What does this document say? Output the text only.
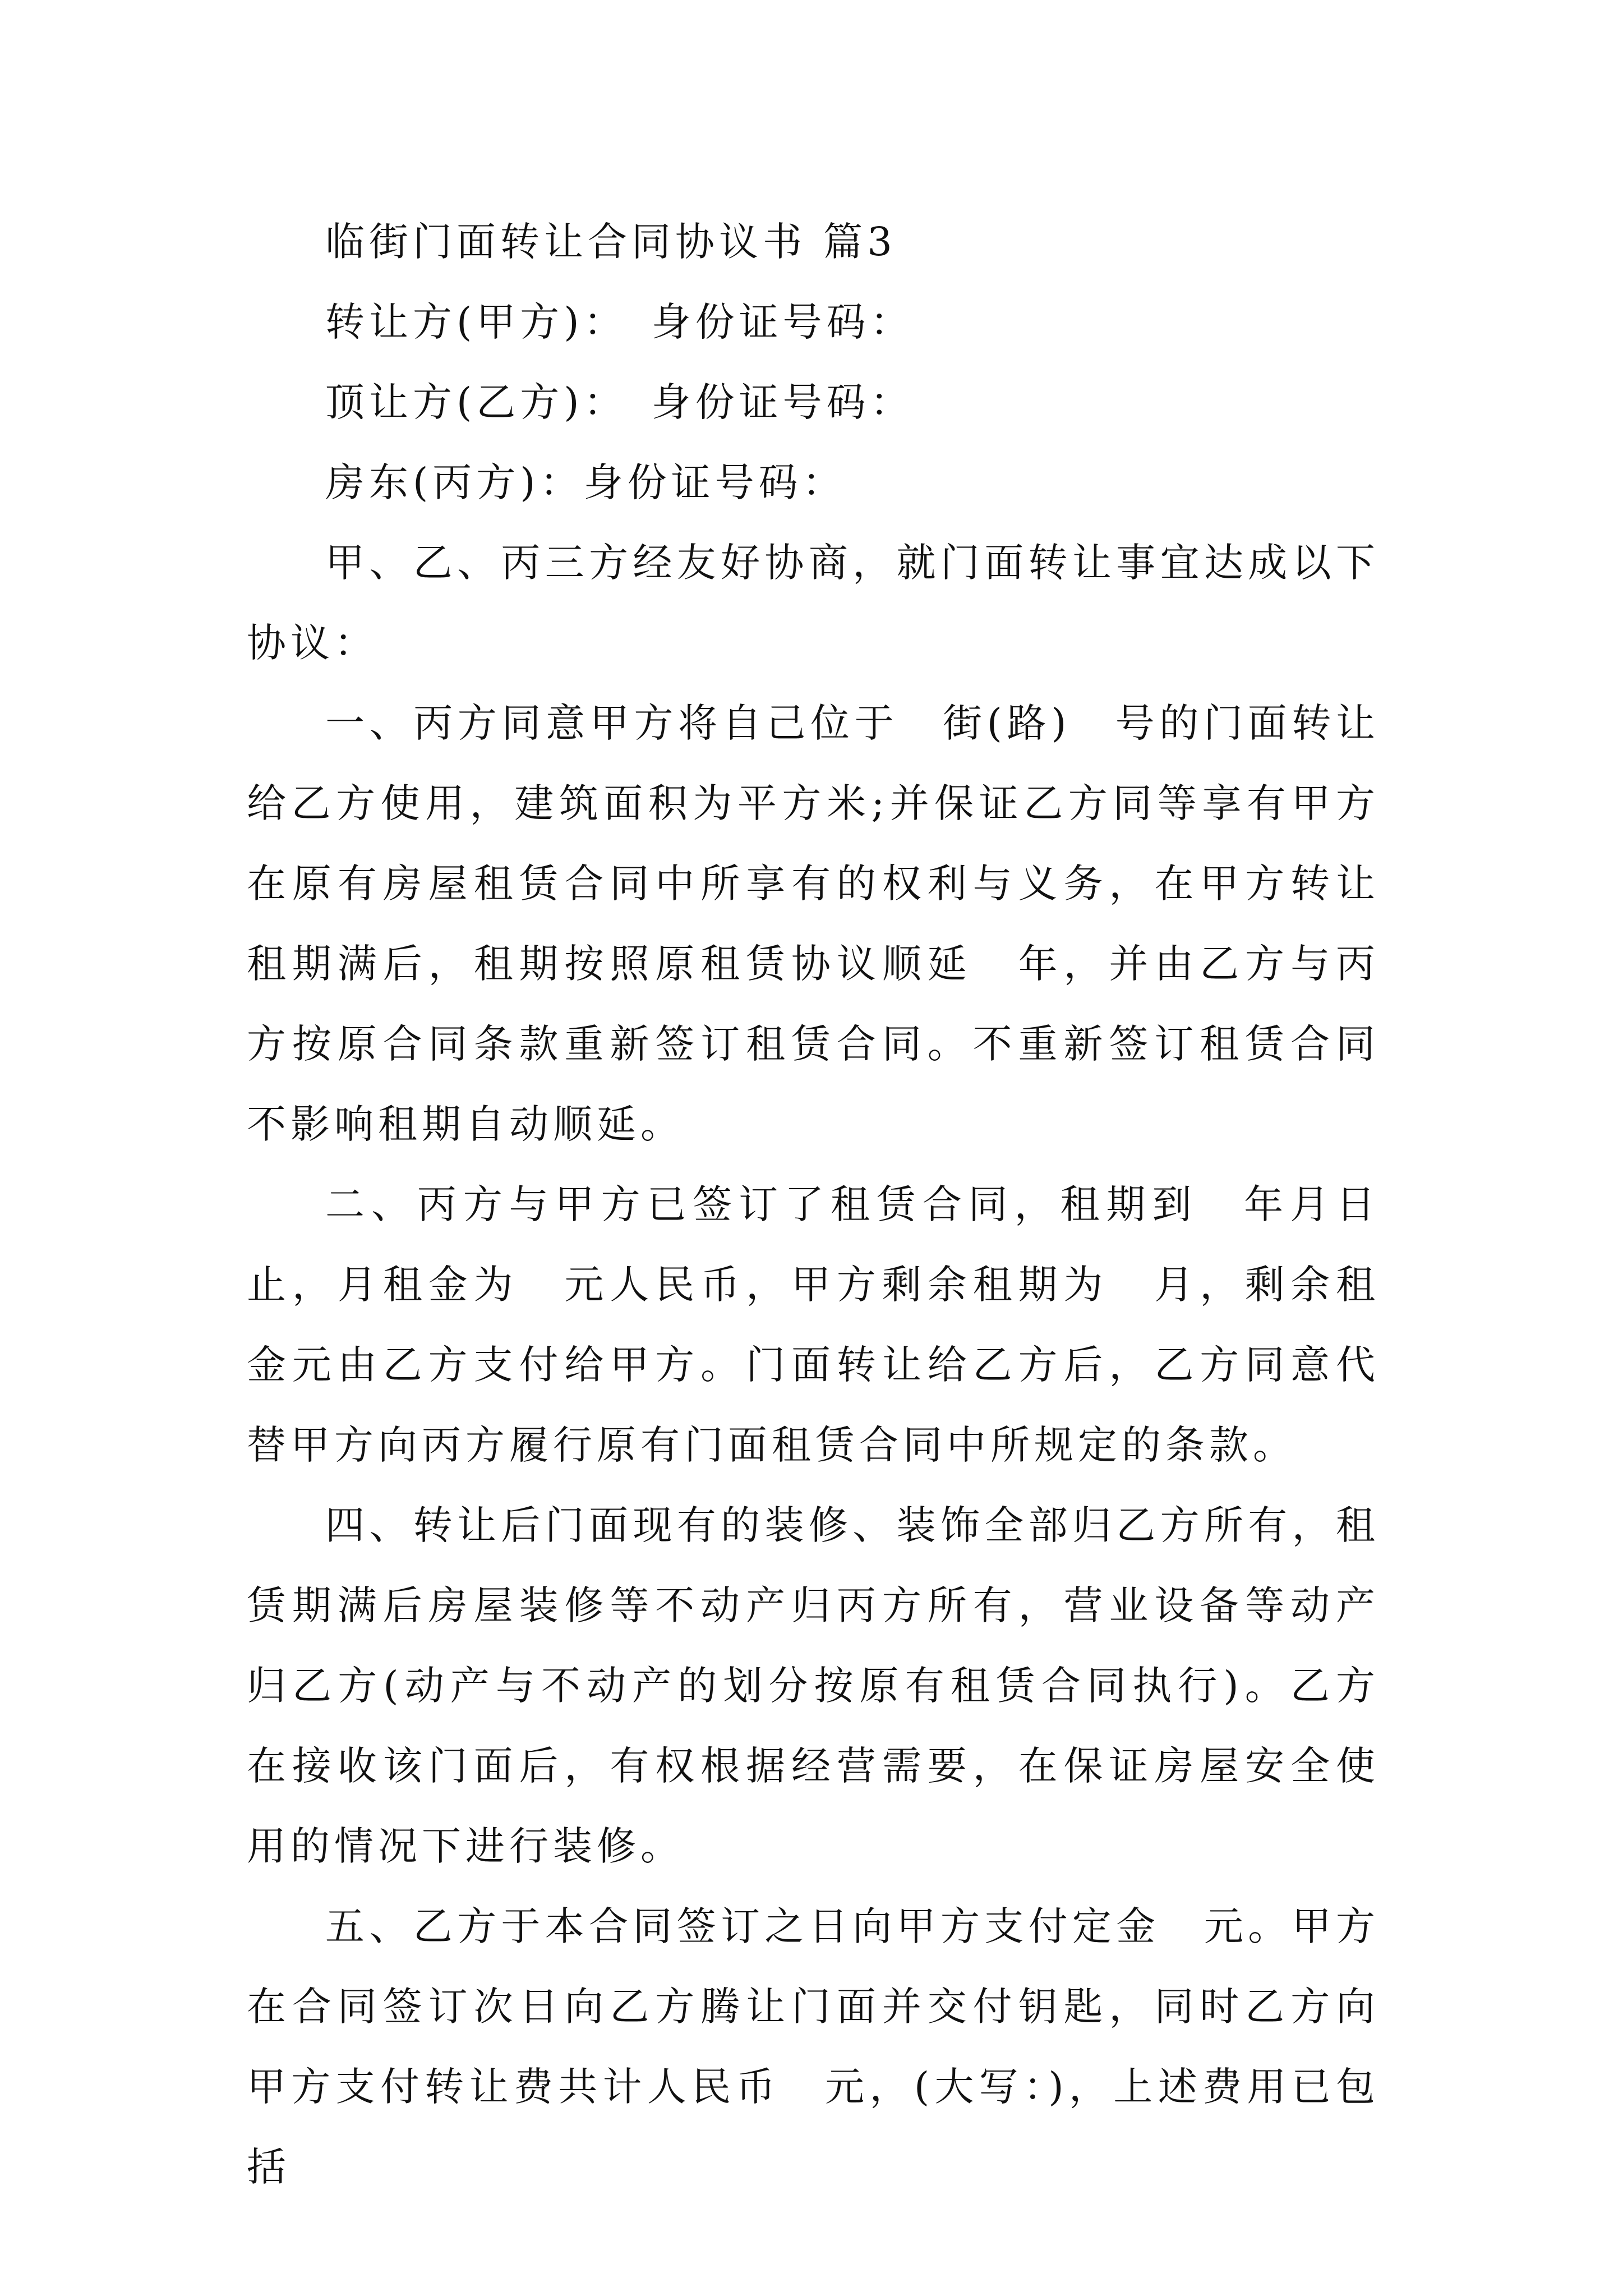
临街门面转让合同协议书 篇3

转让方(甲方)：　身份证号码：

顶让方(乙方)：　身份证号码：

房东(丙方)：身份证号码：

甲、乙、丙三方经友好协商，就门面转让事宜达成以下协议：

一、丙方同意甲方将自己位于　街(路)　号的门面转让给乙方使用，建筑面积为平方米;并保证乙方同等享有甲方在原有房屋租赁合同中所享有的权利与义务，在甲方转让租期满后，租期按照原租赁协议顺延　年，并由乙方与丙方按原合同条款重新签订租赁合同。不重新签订租赁合同不影响租期自动顺延。

二、丙方与甲方已签订了租赁合同，租期到　年月日止，月租金为　元人民币，甲方剩余租期为　月，剩余租金元由乙方支付给甲方。门面转让给乙方后，乙方同意代替甲方向丙方履行原有门面租赁合同中所规定的条款。

四、转让后门面现有的装修、装饰全部归乙方所有，租赁期满后房屋装修等不动产归丙方所有，营业设备等动产归乙方(动产与不动产的划分按原有租赁合同执行)。乙方在接收该门面后，有权根据经营需要，在保证房屋安全使用的情况下进行装修。

五、乙方于本合同签订之日向甲方支付定金　元。甲方在合同签订次日向乙方腾让门面并交付钥匙，同时乙方向甲方支付转让费共计人民币　元，(大写：)，上述费用已包括
